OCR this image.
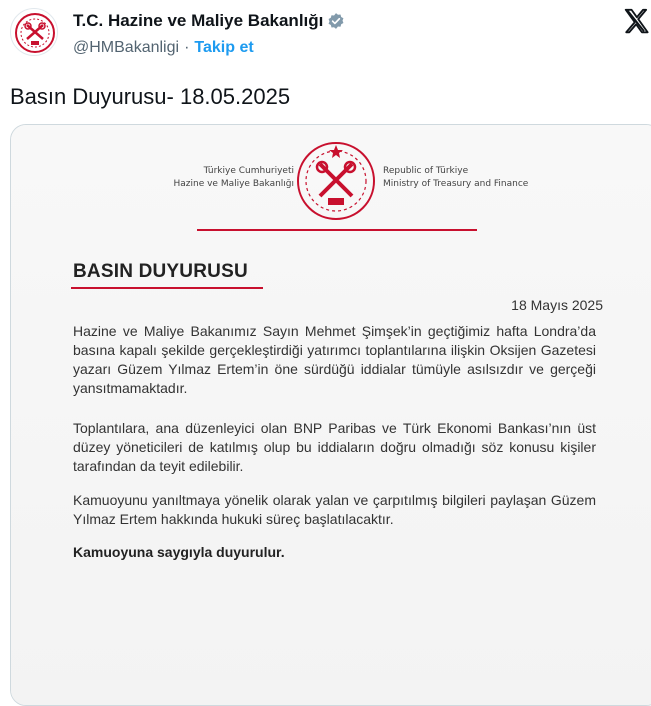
T.C. Hazine ve Maliye Bakanlığı
@HMBakanligi · Takip et
Basın Duyurusu- 18.05.2025
Türkiye Cumhuriyeti
Hazine ve Maliye Bakanlığı
Republic of Türkiye
Ministry of Treasury and Finance
BASIN DUYURUSU
18 Mayıs 2025
Hazine ve Maliye Bakanımız Sayın Mehmet Şimşek’in geçtiğimiz hafta Londra’da basına kapalı şekilde gerçekleştirdiği yatırımcı toplantılarına ilişkin Oksijen Gazetesi yazarı Güzem Yılmaz Ertem’in öne sürdüğü iddialar tümüyle asılsızdır ve gerçeği yansıtmamaktadır.
Toplantılara, ana düzenleyici olan BNP Paribas ve Türk Ekonomi Bankası’nın üst düzey yöneticileri de katılmış olup bu iddiaların doğru olmadığı söz konusu kişiler tarafından da teyit edilebilir.
Kamuoyunu yanıltmaya yönelik olarak yalan ve çarpıtılmış bilgileri paylaşan Güzem Yılmaz Ertem hakkında hukuki süreç başlatılacaktır.
Kamuoyuna saygıyla duyurulur.
